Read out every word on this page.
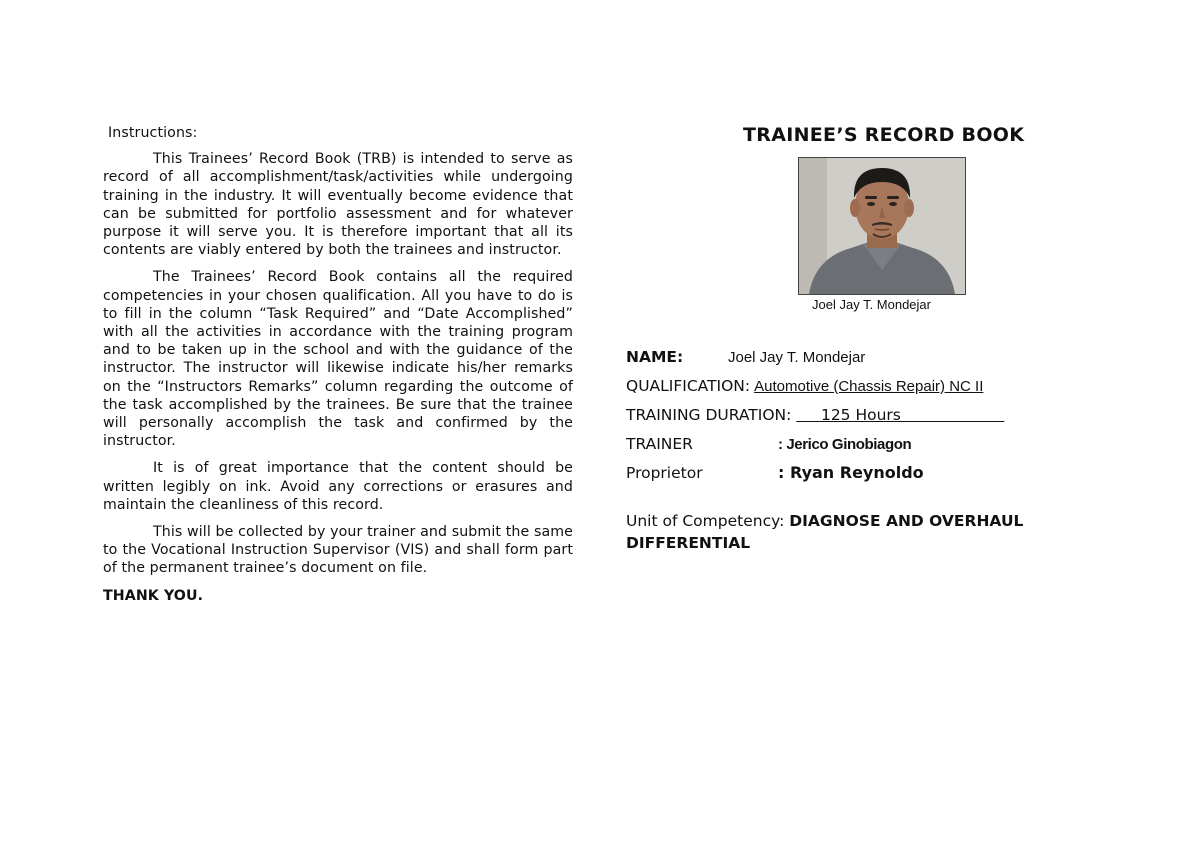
Instructions:

This Trainees’ Record Book (TRB) is intended to serve as record of all accomplishment/task/activities while undergoing training in the industry. It will eventually become evidence that can be submitted for portfolio assessment and for whatever purpose it will serve you. It is therefore important that all its contents are viably entered by both the trainees and instructor.

The Trainees’ Record Book contains all the required competencies in your chosen qualification. All you have to do is to fill in the column “Task Required” and “Date Accomplished” with all the activities in accordance with the training program and to be taken up in the school and with the guidance of the instructor. The instructor will likewise indicate his/her remarks on the “Instructors Remarks” column regarding the outcome of the task accomplished by the trainees. Be sure that the trainee will personally accomplish the task and confirmed by the instructor.

It is of great importance that the content should be written legibly on ink. Avoid any corrections or erasures and maintain the cleanliness of this record.

This will be collected by your trainer and submit the same to the Vocational Instruction Supervisor (VIS) and shall form part of the permanent trainee’s document on file.

THANK YOU.

TRAINEE’S RECORD BOOK

Joel Jay T. Mondejar

NAME:	Joel Jay T. Mondejar
QUALIFICATION: Automotive (Chassis Repair) NC II
TRAINING DURATION: 125 Hours
TRAINER	: Jerico Ginobiagon
Proprietor	: Ryan Reynoldo
Unit of Competency: DIAGNOSE AND OVERHAUL DIFFERENTIAL
